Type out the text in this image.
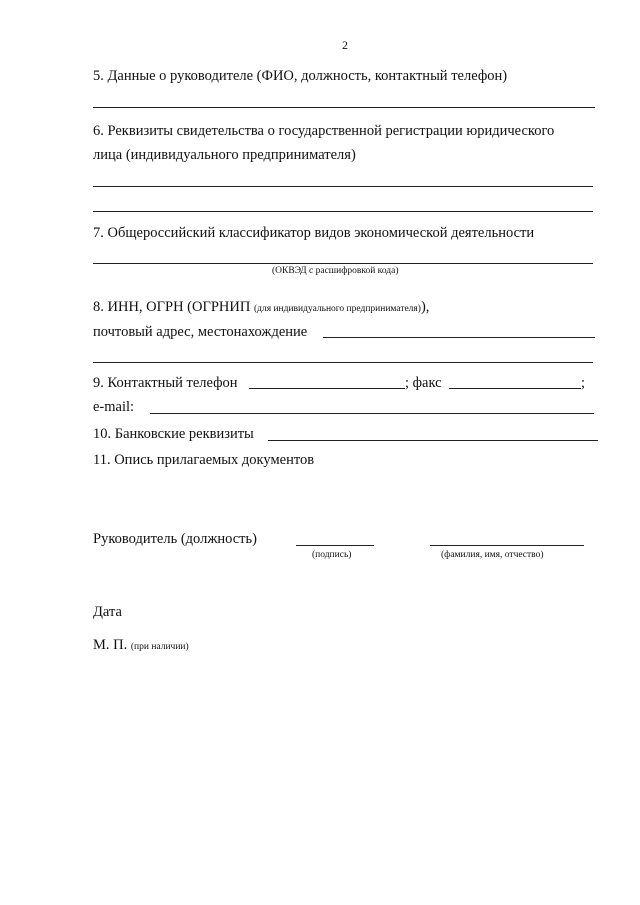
2
5. Данные о руководителе (ФИО, должность, контактный телефон)
6. Реквизиты свидетельства о государственной регистрации юридического
лица (индивидуального предпринимателя)
7. Общероссийский классификатор видов экономической деятельности
(ОКВЭД с расшифровкой кода)
8. ИНН, ОГРН (ОГРНИП (для индивидуального предпринимателя)),
почтовый адрес, местонахождение
9. Контактный телефон	; факс	;
e-mail:
10. Банковские реквизиты
11. Опись прилагаемых документов
Руководитель (должность)
(подпись)	(фамилия, имя, отчество)
Дата
М. П. (при наличии)
